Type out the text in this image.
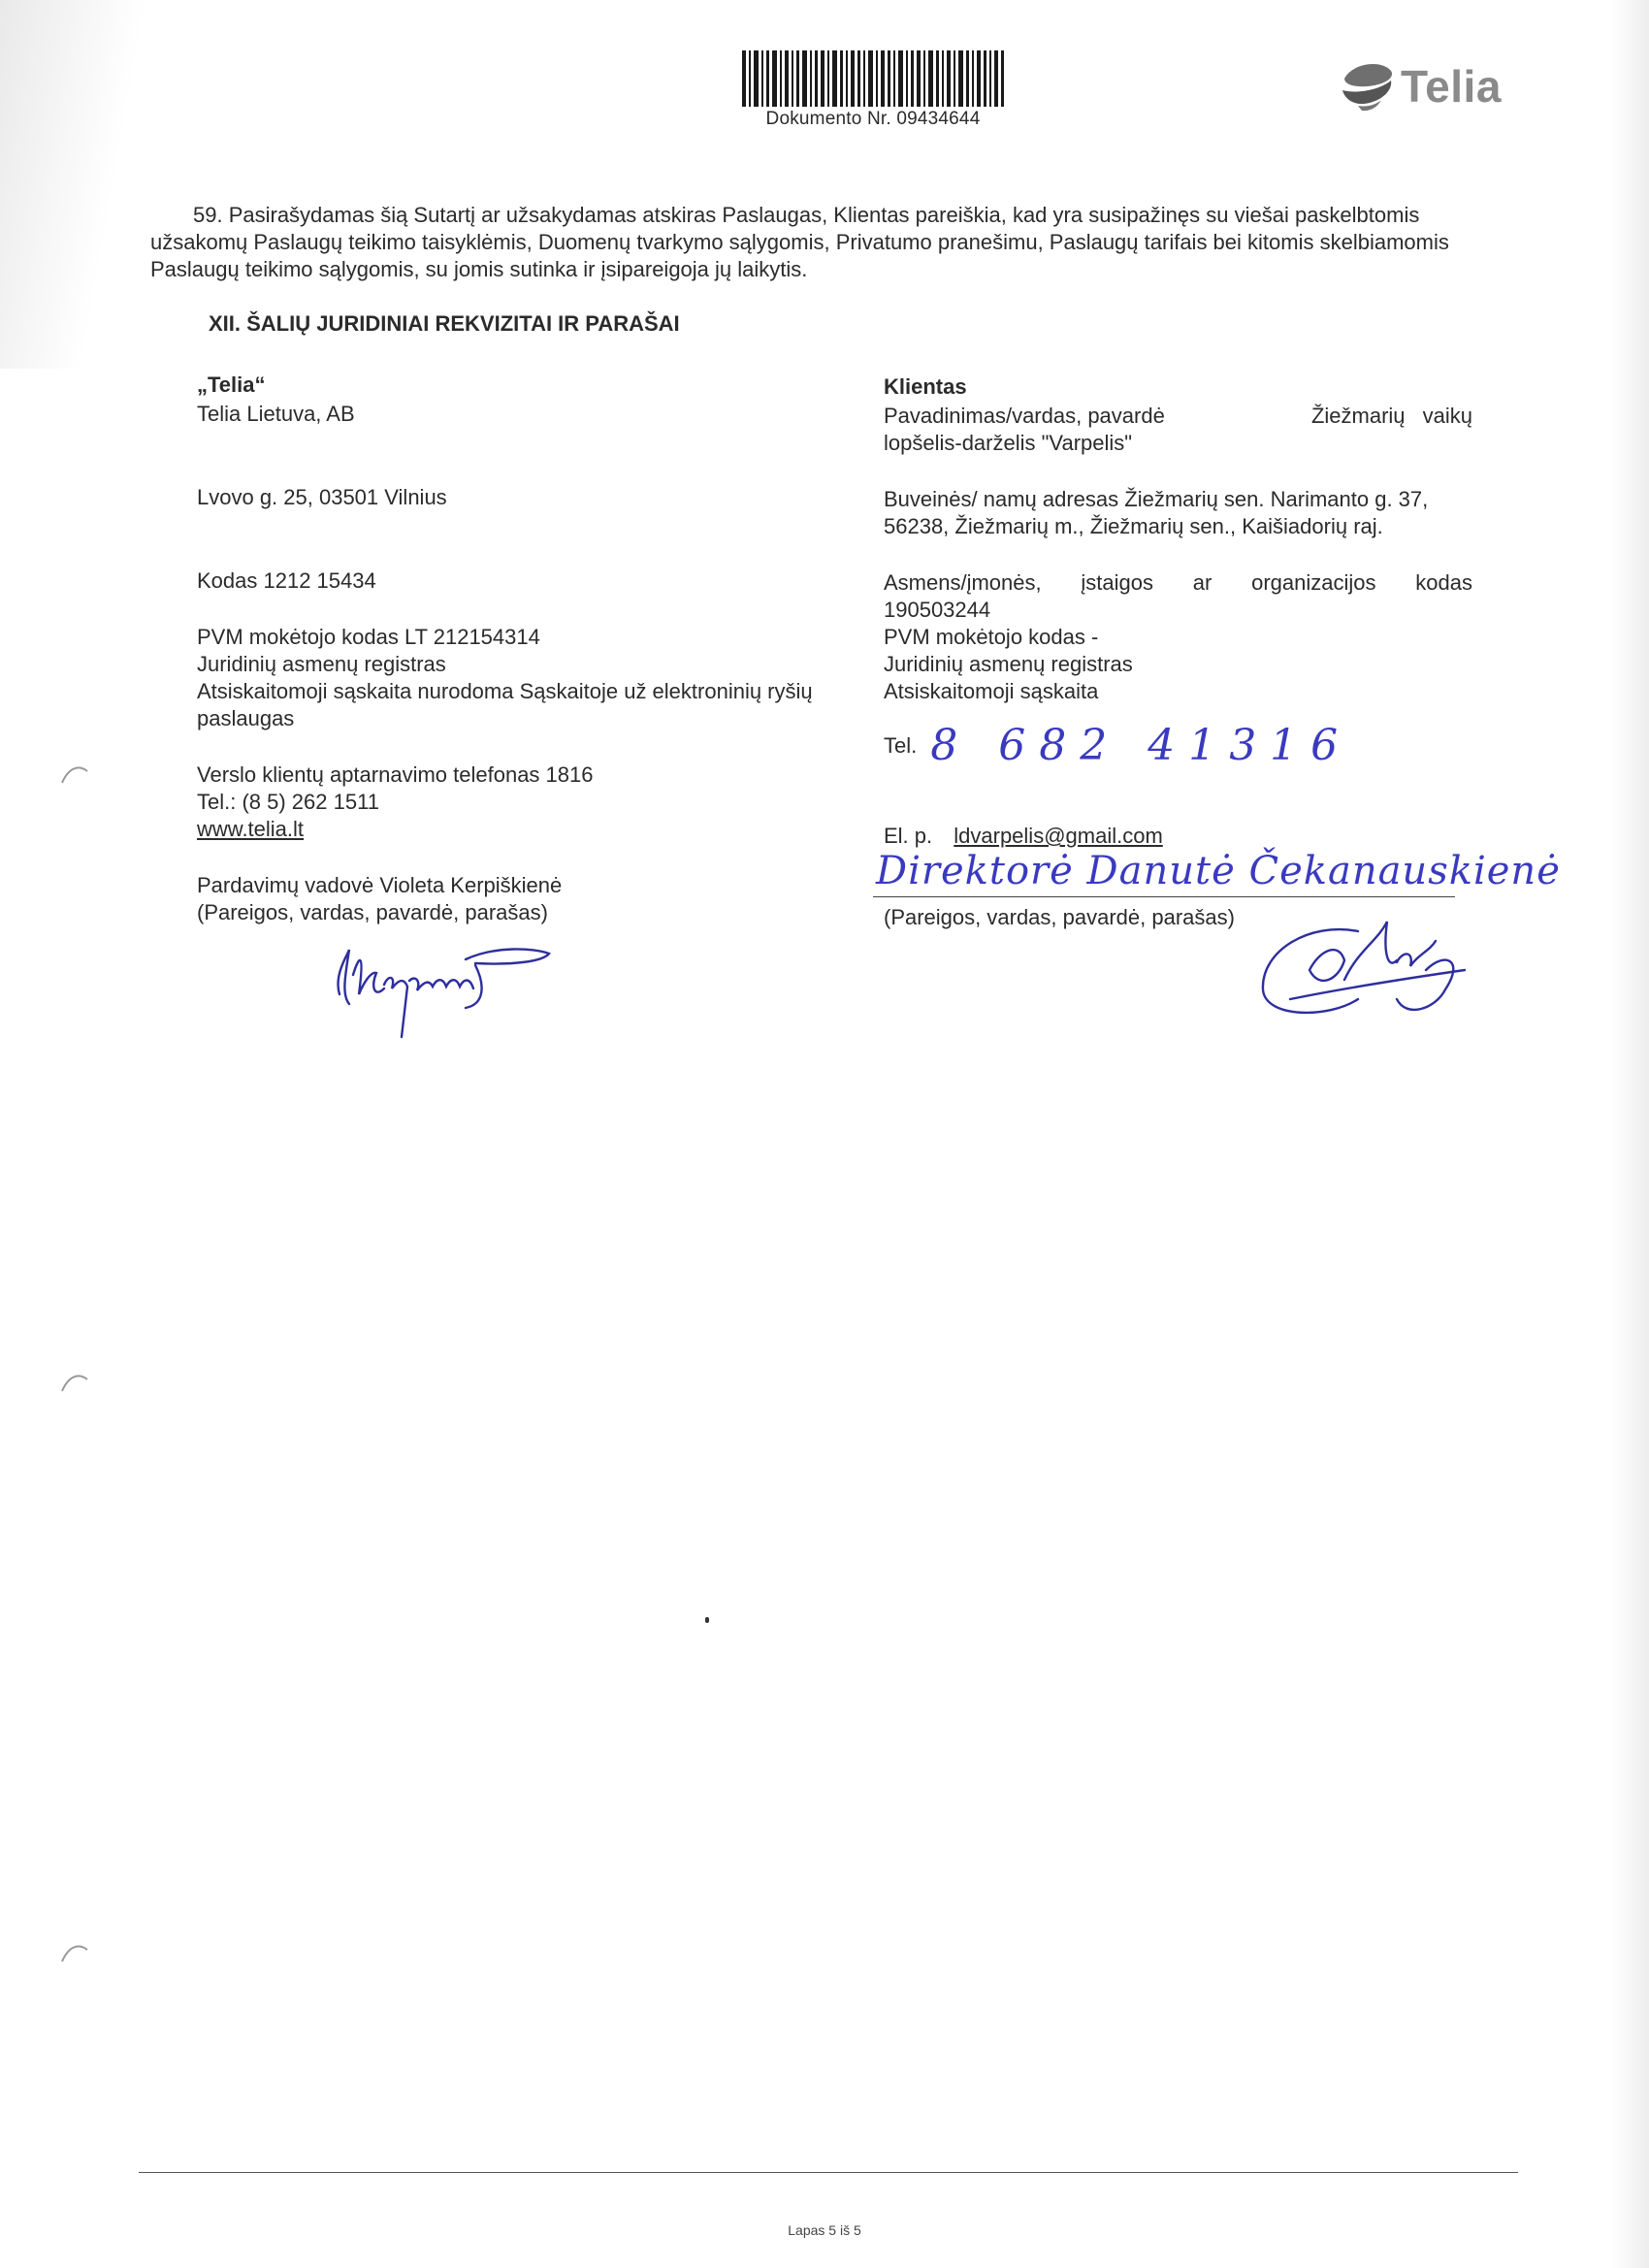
Dokumento Nr. 09434644
Telia
59. Pasirašydamas šią Sutartį ar užsakydamas atskiras Paslaugas, Klientas pareiškia, kad yra susipažinęs su viešai paskelbtomis užsakomų Paslaugų teikimo taisyklėmis, Duomenų tvarkymo sąlygomis, Privatumo pranešimu, Paslaugų tarifais bei kitomis skelbiamomis Paslaugų teikimo sąlygomis, su jomis sutinka ir įsipareigoja jų laikytis.
XII. ŠALIŲ JURIDINIAI REKVIZITAI IR PARAŠAI
„Telia“
Telia Lietuva, AB
Lvovo g. 25, 03501 Vilnius
Kodas 1212 15434
PVM mokėtojo kodas LT 212154314
Juridinių asmenų registras
Atsiskaitomoji sąskaita nurodoma Sąskaitoje už elektroninių ryšių paslaugas
Verslo klientų aptarnavimo telefonas 1816
Tel.: (8 5) 262 1511
www.telia.lt
Pardavimų vadovė Violeta Kerpiškienė
(Pareigos, vardas, pavardė, parašas)
Klientas
Pavadinimas/vardas, pavardė	Žiežmarių vaikų
lopšelis-darželis "Varpelis"
Buveinės/ namų adresas Žiežmarių sen. Narimanto g. 37, 56238, Žiežmarių m., Žiežmarių sen., Kaišiadorių raj.
Asmens/įmonės, įstaigos ar organizacijos kodas
190503244
PVM mokėtojo kodas -
Juridinių asmenų registras
Atsiskaitomoji sąskaita
Tel. 8 682 41316
El. p. ldvarpelis@gmail.com
Direktorė Danutė Čekanauskienė
(Pareigos, vardas, pavardė, parašas)
Lapas 5 iš 5
